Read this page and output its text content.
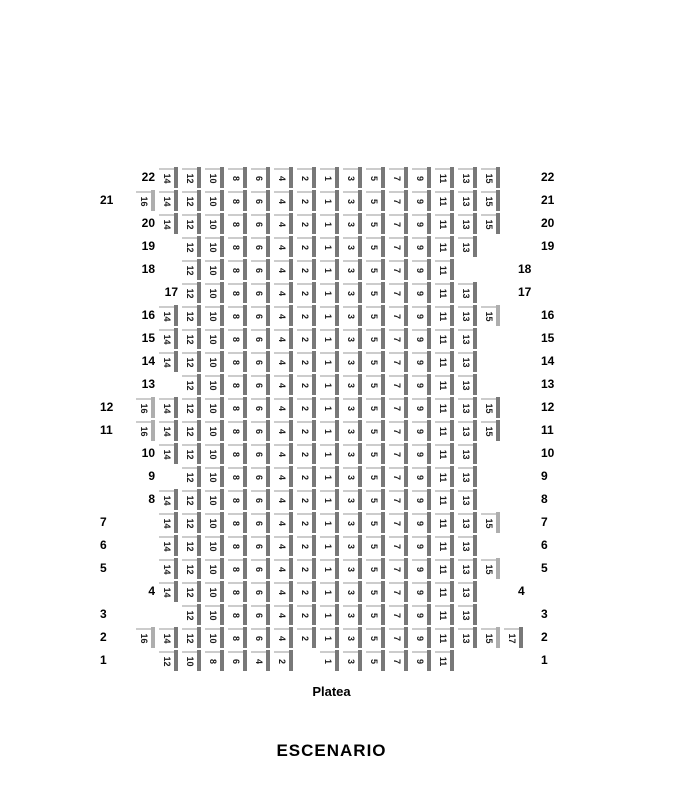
22 14	12	10	8	6	4	2	1	3	5	7	9	11	13	15	22
21	16	14	12	10	8	6	4	2	1	3	5	7	9	11	13	15	21
20 14	12	10	8	6	4	2	1	3	5	7	9	11	13	15	20
19	12	10	8	6	4	2	1	3	5	7	9	11	13	19
18	12	10	8	6	4	2	1	3	5	7	9	11	18
17 12	10	8	6	4	2	1	3	5	7	9	11	13	17
16 14	12	10	8	6	4	2	1	3	5	7	9	11	13	15	16
15 14	12	10	8	6	4	2	1	3	5	7	9	11	13	15
14 14	12	10	8	6	4	2	1	3	5	7	9	11	13	14
13	12	10	8	6	4	2	1	3	5	7	9	11	13	13
12	16	14	12	10	8	6	4	2	1	3	5	7	9	11	13	15	12
11	16	14	12	10	8	6	4	2	1	3	5	7	9	11	13	15	11
10 14	12	10	8	6	4	2	1	3	5	7	9	11	13	10
9	12	10	8	6	4	2	1	3	5	7	9	11	13	9
8 14	12	10	8	6	4	2	1	3	5	7	9	11	13	8
7	14	12	10	8	6	4	2	1	3	5	7	9	11	13	15	7
6	14	12	10	8	6	4	2	1	3	5	7	9	11	13	6
5	14	12	10	8	6	4	2	1	3	5	7	9	11	13	15	5
4 14	12	10	8	6	4	2	1	3	5	7	9	11	13	4
3	12	10	8	6	4	2	1	3	5	7	9	11	13	3
2	16	14	12	10	8	6	4	2	1	3	5	7	9	11	13	15	17	2
1	12	10	8	6	4	2	1	3	5	7	9	11	1
Platea
ESCENARIO
